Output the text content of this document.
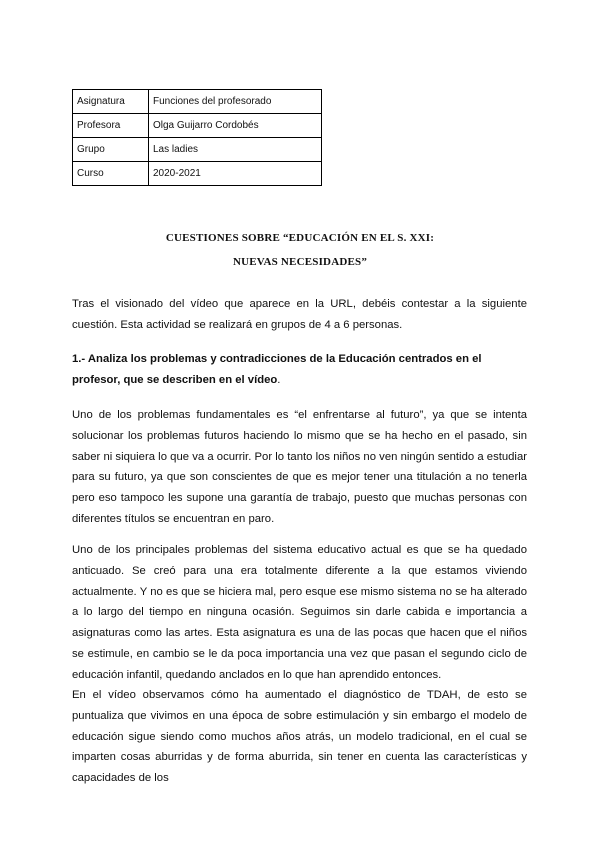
Asignatura	Funciones del profesorado
Profesora	Olga Guijarro Cordobés
Grupo	Las ladies
Curso	2020-2021
CUESTIONES SOBRE “EDUCACIÓN EN EL S. XXI:
NUEVAS NECESIDADES”

Tras el visionado del vídeo que aparece en la URL, debéis contestar a la siguiente cuestión. Esta actividad se realizará en grupos de 4 a 6 personas.

1.- Analiza los problemas y contradicciones de la Educación centrados en el profesor, que se describen en el vídeo.

Uno de los problemas fundamentales es “el enfrentarse al futuro”, ya que se intenta solucionar los problemas futuros haciendo lo mismo que se ha hecho en el pasado, sin saber ni siquiera lo que va a ocurrir. Por lo tanto los niños no ven ningún sentido a estudiar para su futuro, ya que son conscientes de que es mejor tener una titulación a no tenerla pero eso tampoco les supone una garantía de trabajo, puesto que muchas personas con diferentes títulos se encuentran en paro.

Uno de los principales problemas del sistema educativo actual es que se ha quedado anticuado. Se creó para una era totalmente diferente a la que estamos viviendo actualmente. Y no es que se hiciera mal, pero esque ese mismo sistema no se ha alterado a lo largo del tiempo en ninguna ocasión. Seguimos sin darle cabida e importancia a asignaturas como las artes. Esta asignatura es una de las pocas que hacen que el niños se estimule, en cambio se le da poca importancia una vez que pasan el segundo ciclo de educación infantil, quedando anclados en lo que han aprendido entonces.

En el vídeo observamos cómo ha aumentado el diagnóstico de TDAH, de esto se puntualiza que vivimos en una época de sobre estimulación y sin embargo el modelo de educación sigue siendo como muchos años atrás, un modelo tradicional, en el cual se imparten cosas aburridas y de forma aburrida, sin tener en cuenta las características y capacidades de los
